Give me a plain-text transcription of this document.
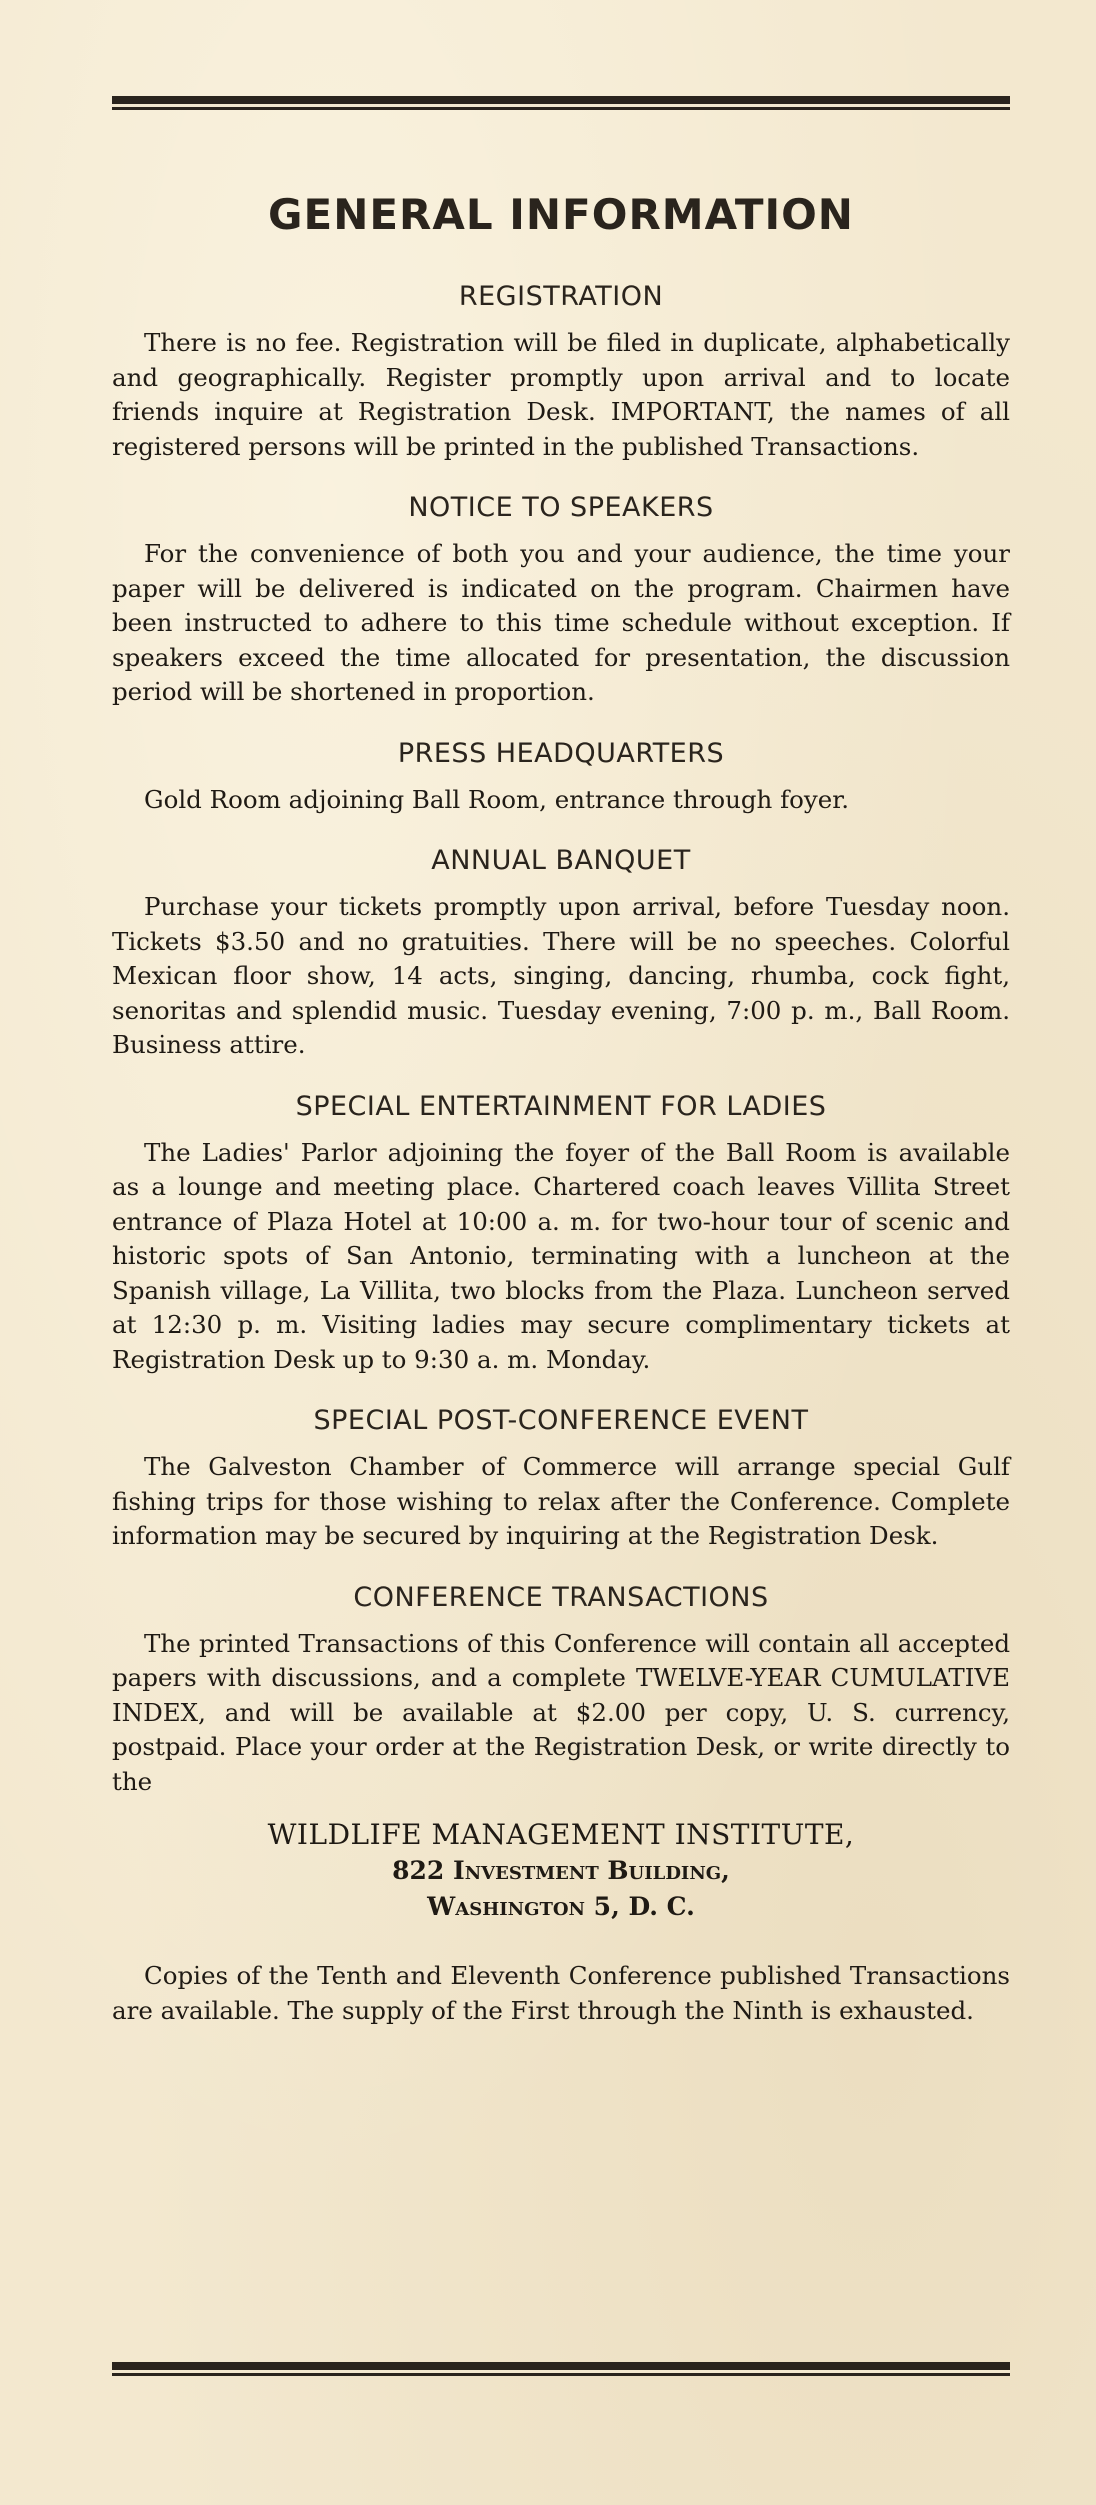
GENERAL INFORMATION
REGISTRATION

There is no fee. Registration will be filed in duplicate, alphabetically and geographically. Register promptly upon arrival and to locate friends inquire at Registration Desk. IMPORTANT, the names of all registered persons will be printed in the published Transactions.

NOTICE TO SPEAKERS

For the convenience of both you and your audience, the time your paper will be delivered is indicated on the program. Chairmen have been instructed to adhere to this time schedule without exception. If speakers exceed the time allocated for presentation, the discussion period will be shortened in proportion.

PRESS HEADQUARTERS

Gold Room adjoining Ball Room, entrance through foyer.

ANNUAL BANQUET

Purchase your tickets promptly upon arrival, before Tuesday noon. Tickets $3.50 and no gratuities. There will be no speeches. Colorful Mexican floor show, 14 acts, singing, dancing, rhumba, cock fight, senoritas and splendid music. Tuesday evening, 7:00 p. m., Ball Room. Business attire.

SPECIAL ENTERTAINMENT FOR LADIES

The Ladies' Parlor adjoining the foyer of the Ball Room is available as a lounge and meeting place. Chartered coach leaves Villita Street entrance of Plaza Hotel at 10:00 a. m. for two-hour tour of scenic and historic spots of San Antonio, terminating with a luncheon at the Spanish village, La Villita, two blocks from the Plaza. Luncheon served at 12:30 p. m. Visiting ladies may secure complimentary tickets at Registration Desk up to 9:30 a. m. Monday.

SPECIAL POST-CONFERENCE EVENT

The Galveston Chamber of Commerce will arrange special Gulf fishing trips for those wishing to relax after the Conference. Complete information may be secured by inquiring at the Registration Desk.

CONFERENCE TRANSACTIONS

The printed Transactions of this Conference will contain all accepted papers with discussions, and a complete TWELVE-YEAR CUMULATIVE INDEX, and will be available at $2.00 per copy, U. S. currency, postpaid. Place your order at the Registration Desk, or write directly to the

WILDLIFE MANAGEMENT INSTITUTE,
822 Investment Building,
Washington 5, D. C.

Copies of the Tenth and Eleventh Conference published Transactions are available. The supply of the First through the Ninth is exhausted.
